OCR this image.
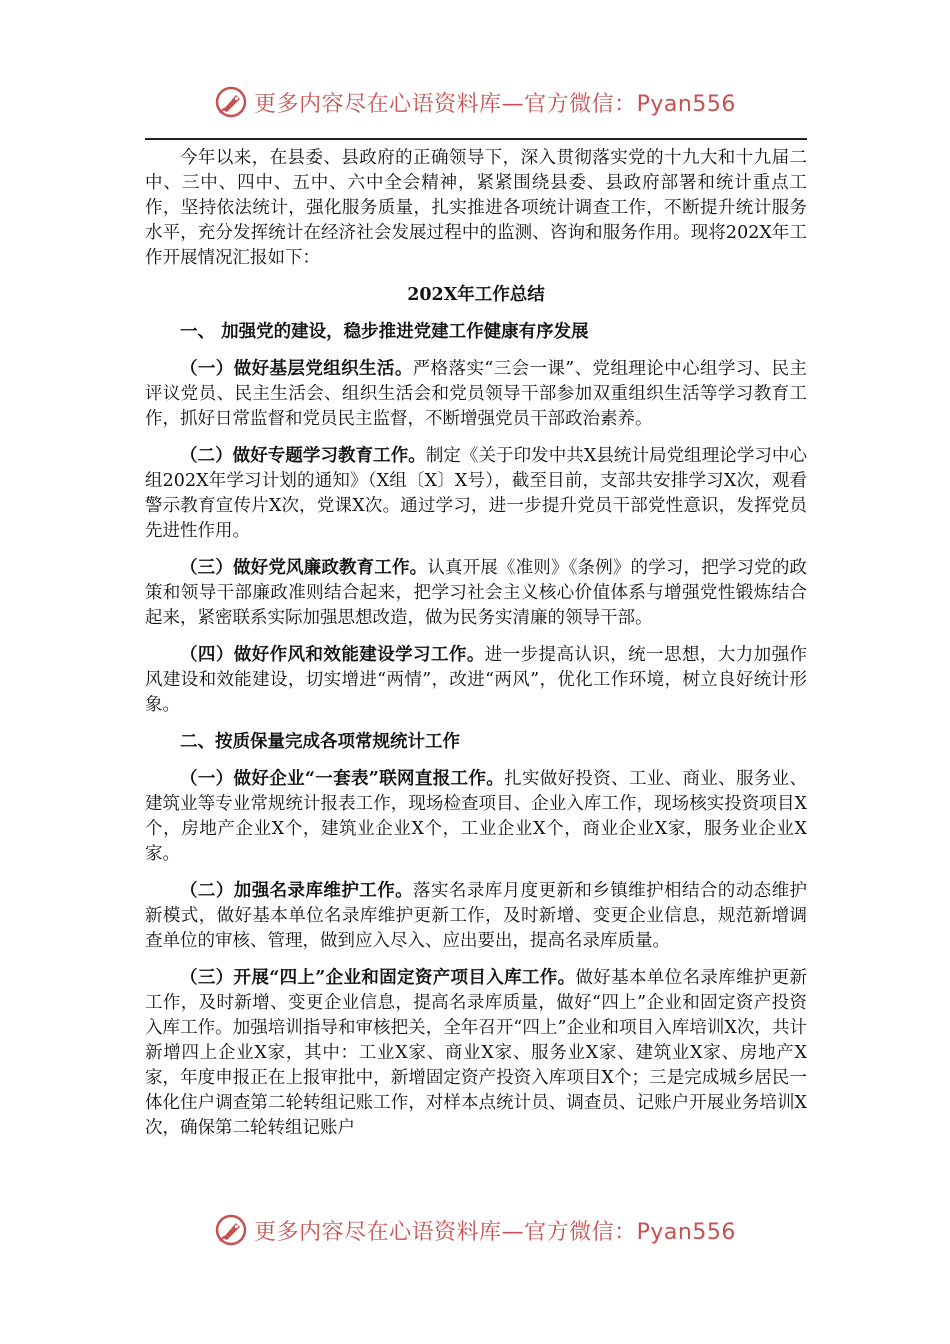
更多内容尽在心语资料库—官方微信：Pyan556

今年以来，在县委、县政府的正确领导下，深入贯彻落实党的十九大和十九届二中、三中、四中、五中、六中全会精神，紧紧围绕县委、县政府部署和统计重点工作，坚持依法统计，强化服务质量，扎实推进各项统计调查工作，不断提升统计服务水平，充分发挥统计在经济社会发展过程中的监测、咨询和服务作用。现将202X年工作开展情况汇报如下：

202X年工作总结
一、 加强党的建设，稳步推进党建工作健康有序发展

（一）做好基层党组织生活。严格落实“三会一课”、党组理论中心组学习、民主评议党员、民主生活会、组织生活会和党员领导干部参加双重组织生活等学习教育工作，抓好日常监督和党员民主监督，不断增强党员干部政治素养。

（二）做好专题学习教育工作。制定《关于印发中共X县统计局党组理论学习中心组202X年学习计划的通知》（X组〔X〕X号），截至目前，支部共安排学习X次，观看警示教育宣传片X次，党课X次。通过学习，进一步提升党员干部党性意识，发挥党员先进性作用。

（三）做好党风廉政教育工作。认真开展《准则》《条例》的学习，把学习党的政策和领导干部廉政准则结合起来，把学习社会主义核心价值体系与增强党性锻炼结合起来，紧密联系实际加强思想改造，做为民务实清廉的领导干部。

（四）做好作风和效能建设学习工作。进一步提高认识，统一思想，大力加强作风建设和效能建设，切实增进“两情”，改进“两风”，优化工作环境，树立良好统计形象。

二、按质保量完成各项常规统计工作

（一）做好企业“一套表”联网直报工作。扎实做好投资、工业、商业、服务业、建筑业等专业常规统计报表工作，现场检查项目、企业入库工作，现场核实投资项目X个，房地产企业X个，建筑业企业X个，工业企业X个，商业企业X家，服务业企业X家。

（二）加强名录库维护工作。落实名录库月度更新和乡镇维护相结合的动态维护新模式，做好基本单位名录库维护更新工作，及时新增、变更企业信息，规范新增调查单位的审核、管理，做到应入尽入、应出要出，提高名录库质量。

（三）开展“四上”企业和固定资产项目入库工作。做好基本单位名录库维护更新工作，及时新增、变更企业信息，提高名录库质量，做好“四上”企业和固定资产投资入库工作。加强培训指导和审核把关，全年召开“四上”企业和项目入库培训X次，共计新增四上企业X家，其中：工业X家、商业X家、服务业X家、建筑业X家、房地产X家，年度申报正在上报审批中，新增固定资产投资入库项目X个；三是完成城乡居民一体化住户调查第二轮转组记账工作，对样本点统计员、调查员、记账户开展业务培训X次，确保第二轮转组记账户

更多内容尽在心语资料库—官方微信：Pyan556
